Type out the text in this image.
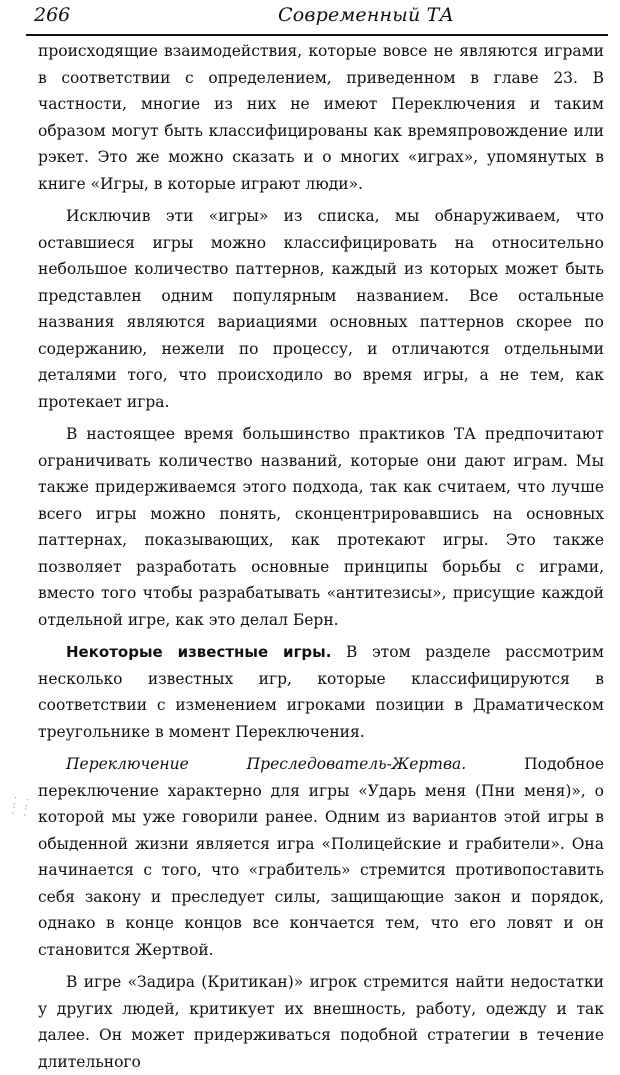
266	Современный ТА

происходящие взаимодействия, которые вовсе не являются играми в соответствии с определением, приведенном в главе 23. В частности, многие из них не имеют Переключения и таким образом могут быть классифицированы как времяпровождение или рэкет. Это же можно сказать и о многих «играх», упомянутых в книге «Игры, в которые играют люди».

Исключив эти «игры» из списка, мы обнаруживаем, что оставшиеся игры можно классифицировать на относительно небольшое количество паттернов, каждый из которых может быть представлен одним популярным названием. Все остальные названия являются вариациями основных паттернов скорее по содержанию, нежели по процессу, и отличаются отдельными деталями того, что происходило во время игры, а не тем, как протекает игра.

В настоящее время большинство практиков ТА предпочитают ограничивать количество названий, которые они дают играм. Мы также придерживаемся этого подхода, так как считаем, что лучше всего игры можно понять, сконцентрировавшись на основных паттернах, показывающих, как протекают игры. Это также позволяет разработать основные принципы борьбы с играми, вместо того чтобы разрабатывать «антитезисы», присущие каждой отдельной игре, как это делал Берн.

Некоторые известные игры. В этом разделе рассмотрим несколько известных игр, которые классифицируются в соответствии с изменением игроками позиции в Драматическом треугольнике в момент Переключения.

Переключение Преследователь-Жертва. Подобное переключение характерно для игры «Ударь меня (Пни меня)», о которой мы уже говорили ранее. Одним из вариантов этой игры в обыденной жизни является игра «Полицейские и грабители». Она начинается с того, что «грабитель» стремится противопоставить себя закону и преследует силы, защищающие закон и порядок, однако в конце концов все кончается тем, что его ловят и он становится Жертвой.

В игре «Задира (Критикан)» игрок стремится найти недостатки у других людей, критикует их внешность, работу, одежду и так далее. Он может придерживаться подобной стратегии в течение длительного

· ·· ·
· ·· ·
